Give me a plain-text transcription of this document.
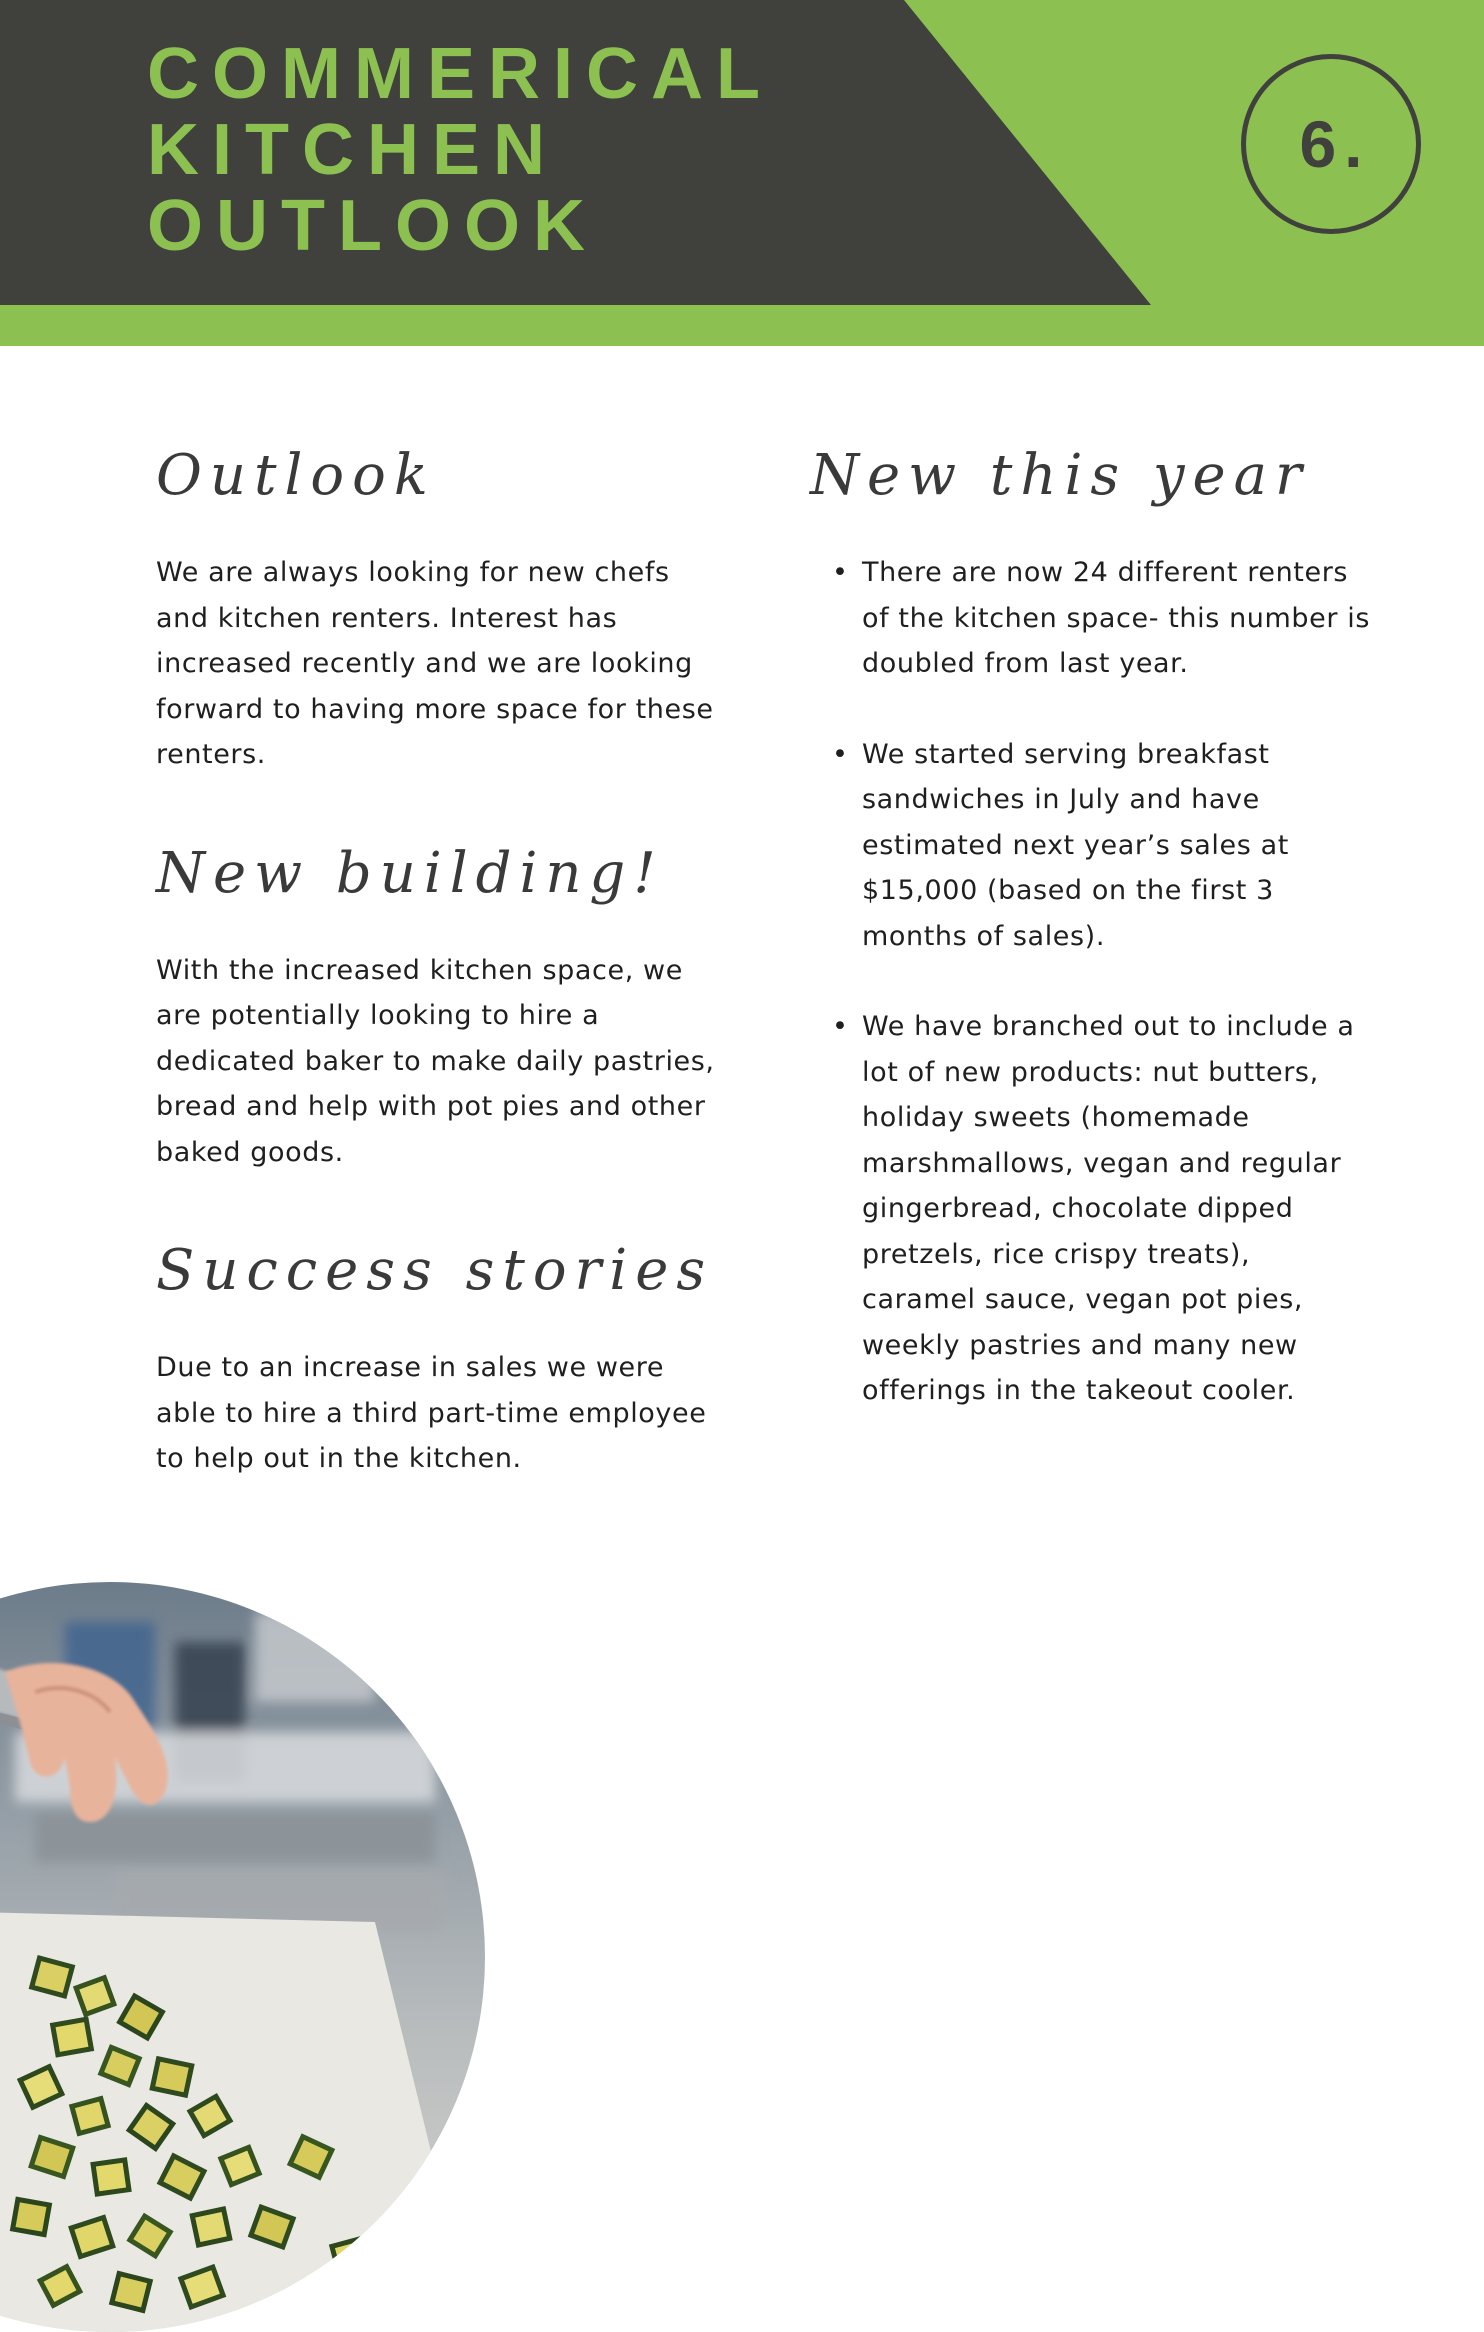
COMMERICAL
KITCHEN
OUTLOOK
6.
Outlook

We are always looking for new chefs and kitchen renters. Interest has increased recently and we are looking forward to having more space for these renters.

New building!

With the increased kitchen space, we are potentially looking to hire a dedicated baker to make daily pastries, bread and help with pot pies and other baked goods.

Success stories

Due to an increase in sales we were able to hire a third part-time employee to help out in the kitchen.

New this year
• There are now 24 different renters of the kitchen space- this number is doubled from last year.

• We started serving breakfast sandwiches in July and have estimated next year’s sales at $15,000 (based on the first 3 months of sales).

• We have branched out to include a lot of new products: nut butters, holiday sweets (homemade marshmallows, vegan and regular gingerbread, chocolate dipped pretzels, rice crispy treats), caramel sauce, vegan pot pies, weekly pastries and many new offerings in the takeout cooler.
